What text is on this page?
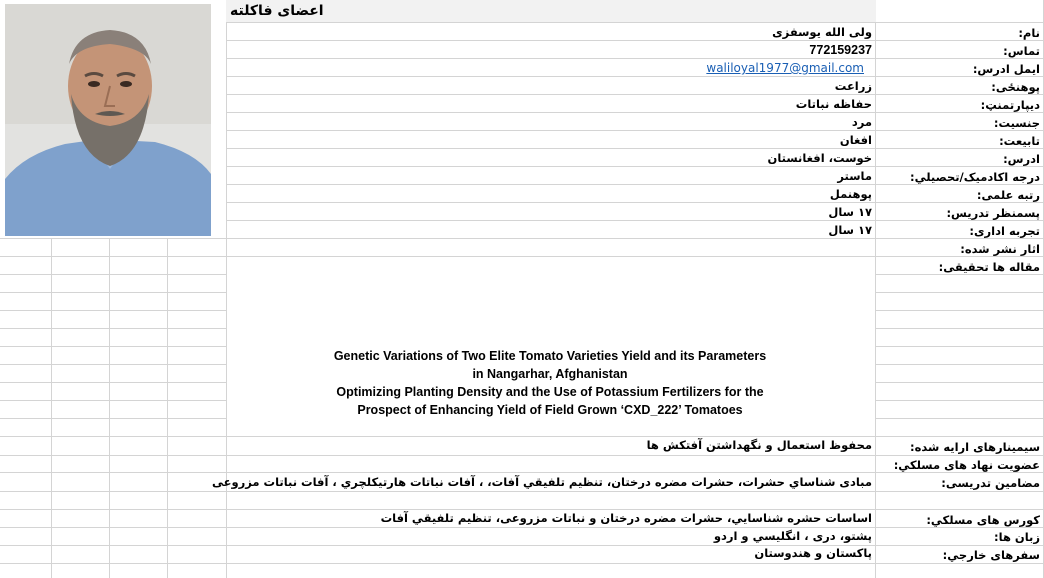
اعضای فاکلته
نام:
ولی الله یوسفزی
تماس:
772159237
ایمل ادرس:
waliloyal1977@gmail.com
پوهنځی:
زراعت
دیپارتمنټ:
حفاظه نباتات
جنسیت:
مرد
تابیعت:
افغان
ادرس:
خوست، افغانستان
درجه اکادمیک/تحصیلي:
ماستر
رتبه علمی:
پوهنمل
پسمنظر تدریس:
۱۷ سال
تجربه اداری:
۱۷ سال
اثار نشر شده:
مقاله ها تحقیقی:
Genetic Variations of Two Elite Tomato Varieties Yield and its Parameters
in Nangarhar, Afghanistan
Optimizing Planting Density and the Use of Potassium Fertilizers for the
Prospect of Enhancing Yield of Field Grown ‘CXD_222’ Tomatoes
سیمینارهای ارایه شده:
محفوظ استعمال و نگهداشتن آفتکش ها
عضویت نهاد های مسلکي:
مضامین تدریسی:
مبادی شناساي حشرات، حشرات مضره درختان، تنظیم تلفیقي آفات، ، آفات نباتات هارتیکلچري ، آفات نباتات مزروعی
کورس های مسلکي:
اساسات حشره شناسایي، حشرات مضره درختان و نباتات مزروعی، تنظیم تلفیقي آفات
زبان ها:
پشتو، دری ، انگلیسي و اردو
سفرهای خارجي:
پاکستان و هندوستان
